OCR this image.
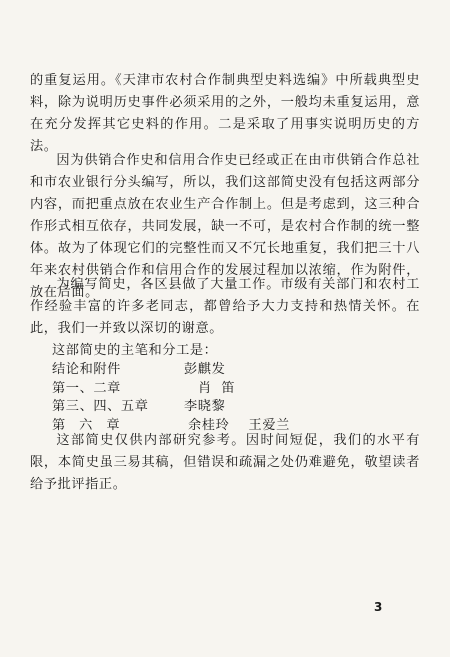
的重复运用。《天津市农村合作制典型史料选编》中所载典型史料，除为说明历史事件必须采用的之外，一般均未重复运用，意在充分发挥其它史料的作用。二是采取了用事实说明历史的方法。

因为供销合作史和信用合作史已经或正在由市供销合作总社和市农业银行分头编写，所以，我们这部简史没有包括这两部分内容，而把重点放在农业生产合作制上。但是考虑到，这三种合作形式相互依存，共同发展，缺一不可，是农村合作制的统一整体。故为了体现它们的完整性而又不冗长地重复，我们把三十八年来农村供销合作和信用合作的发展过程加以浓缩，作为附件，放在后面。

为编写简史，各区县做了大量工作。市级有关部门和农村工作经验丰富的许多老同志，都曾给予大力支持和热情关怀。在此，我们一并致以深切的谢意。

这部简史的主笔和分工是：
结论和附件	彭麒发
第一、二章	肖  笛
第三、四、五章	李晓黎
第六章	余桂玲    王爱兰

这部简史仅供内部研究参考。因时间短促，我们的水平有限，本简史虽三易其稿，但错误和疏漏之处仍难避免，敬望读者给予批评指正。

3
